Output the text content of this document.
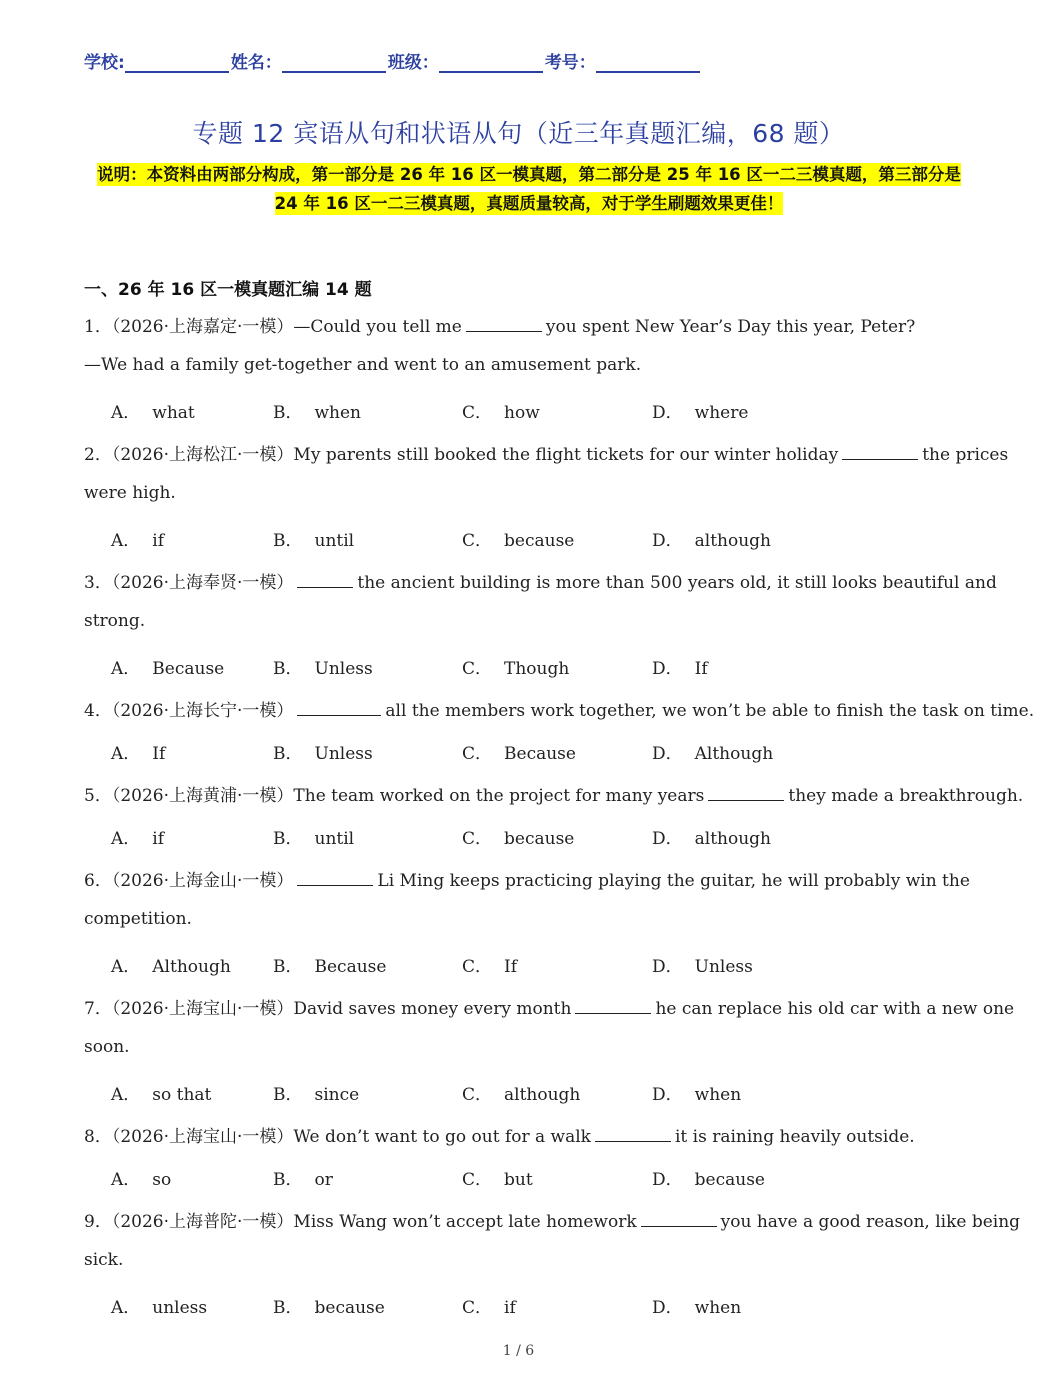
学校:	姓名：	班级：	考号：
专题 12 宾语从句和状语从句（近三年真题汇编，68 题）
说明：本资料由两部分构成，第一部分是 26 年 16 区一模真题，第二部分是 25 年 16 区一二三模真题，第三部分是 24 年 16 区一二三模真题，真题质量较高，对于学生刷题效果更佳！
一、26 年 16 区一模真题汇编 14 题
1．（2026·上海嘉定·一模）—Could you tell me	you spent New Year’s Day this year, Peter?
—We had a family get-together and went to an amusement park.
A． what	B． when	C． how	D． where
2．（2026·上海松江·一模）My parents still booked the flight tickets for our winter holiday	the prices
were high.
A． if	B． until	C． because	D． although
3．（2026·上海奉贤·一模）	the ancient building is more than 500 years old, it still looks beautiful and
strong.
A． Because	B． Unless	C． Though	D． If
4．（2026·上海长宁·一模）	all the members work together, we won’t be able to finish the task on time.
A． If	B． Unless	C． Because	D． Although
5．（2026·上海黄浦·一模）The team worked on the project for many years	they made a breakthrough.
A． if	B． until	C． because	D． although
6．（2026·上海金山·一模）	Li Ming keeps practicing playing the guitar, he will probably win the
competition.
A． Although B． Because	C． If	D． Unless
7．（2026·上海宝山·一模）David saves money every month	he can replace his old car with a new one
soon.
A． so that	B． since	C． although	D． when
8．（2026·上海宝山·一模）We don’t want to go out for a walk	it is raining heavily outside.
A． so	B． or	C． but	D． because
9．（2026·上海普陀·一模）Miss Wang won’t accept late homework	you have a good reason, like being
sick.
A． unless	B． because	C． if	D． when
1 / 6
